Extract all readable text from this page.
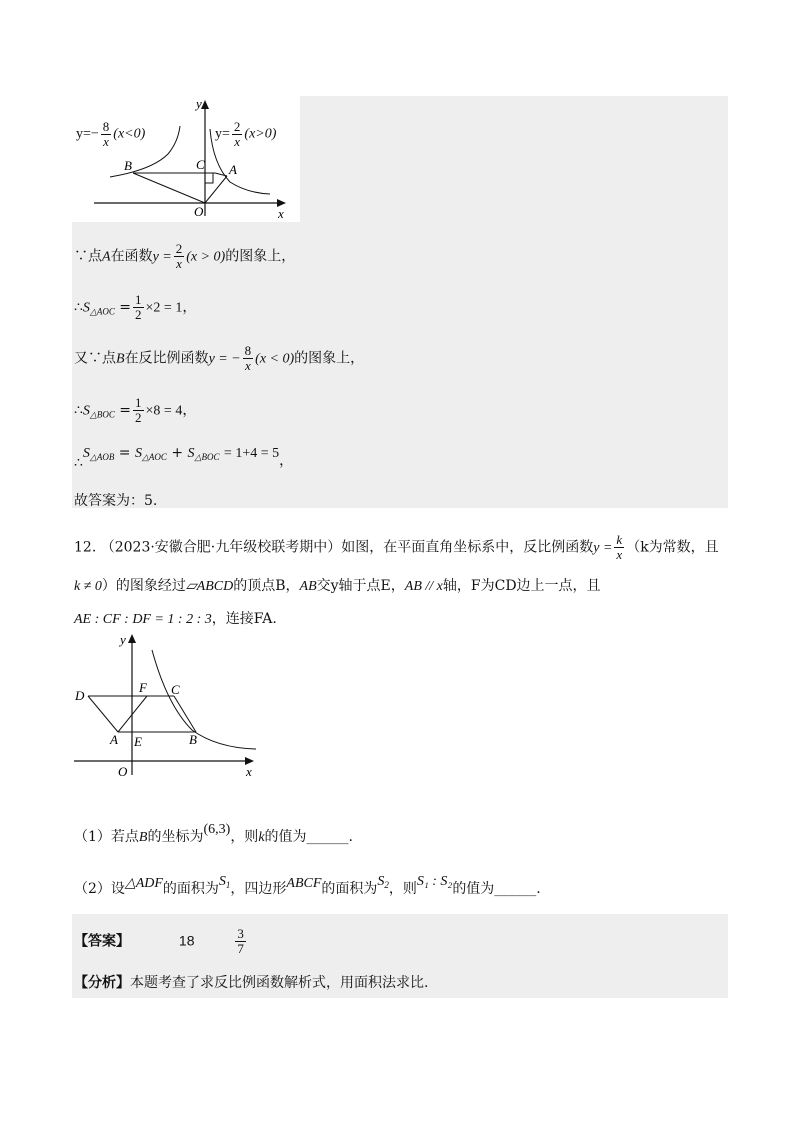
y
x
B	C A
O
$y=- \frac{8}{x} (x<0)$	$y= \frac{2}{x} (x>0)$
∵点A在函数$y = \frac{2}{x} (x > 0)$的图象上，
$\therefore S_{\triangle AOC} = \frac{1}{2} \times 2 = 1$，
又∵点B在反比例函数y = − $\frac{8}{x} (x < 0)$的图象上，
$\therefore S_{\triangle BOC} = \frac{1}{2} \times 8 = 4$，
$\therefore S_{\triangle AOB} = S_{\triangle AOC} + S_{\triangle BOC} = 1+4 = 5$，
故答案为：5.
12. （2023·安徽合肥·九年级校联考期中）如图，在平面直角坐标系中，反比例函数$y = \frac{k}{x} (k$为常数，且
k ≠ 0）的图象经过▱ABCD的顶点B，AB交y轴于点E，AB // x轴，F为CD边上一点，且
AE : CF : DF = 1 : 2 : 3，连接FA.
y
x
D
F C
A E	B
O
（1）若点B的坐标为(6,3)，则k的值为______.
（2）设△ADF的面积为$S^1$，四边形ABCF的面积为$S^2$，则S₁ : S₂的值为______.
【答案】	18	$\frac{3}{7}$
【分析】本题考查了求反比例函数解析式，用面积法求比.
